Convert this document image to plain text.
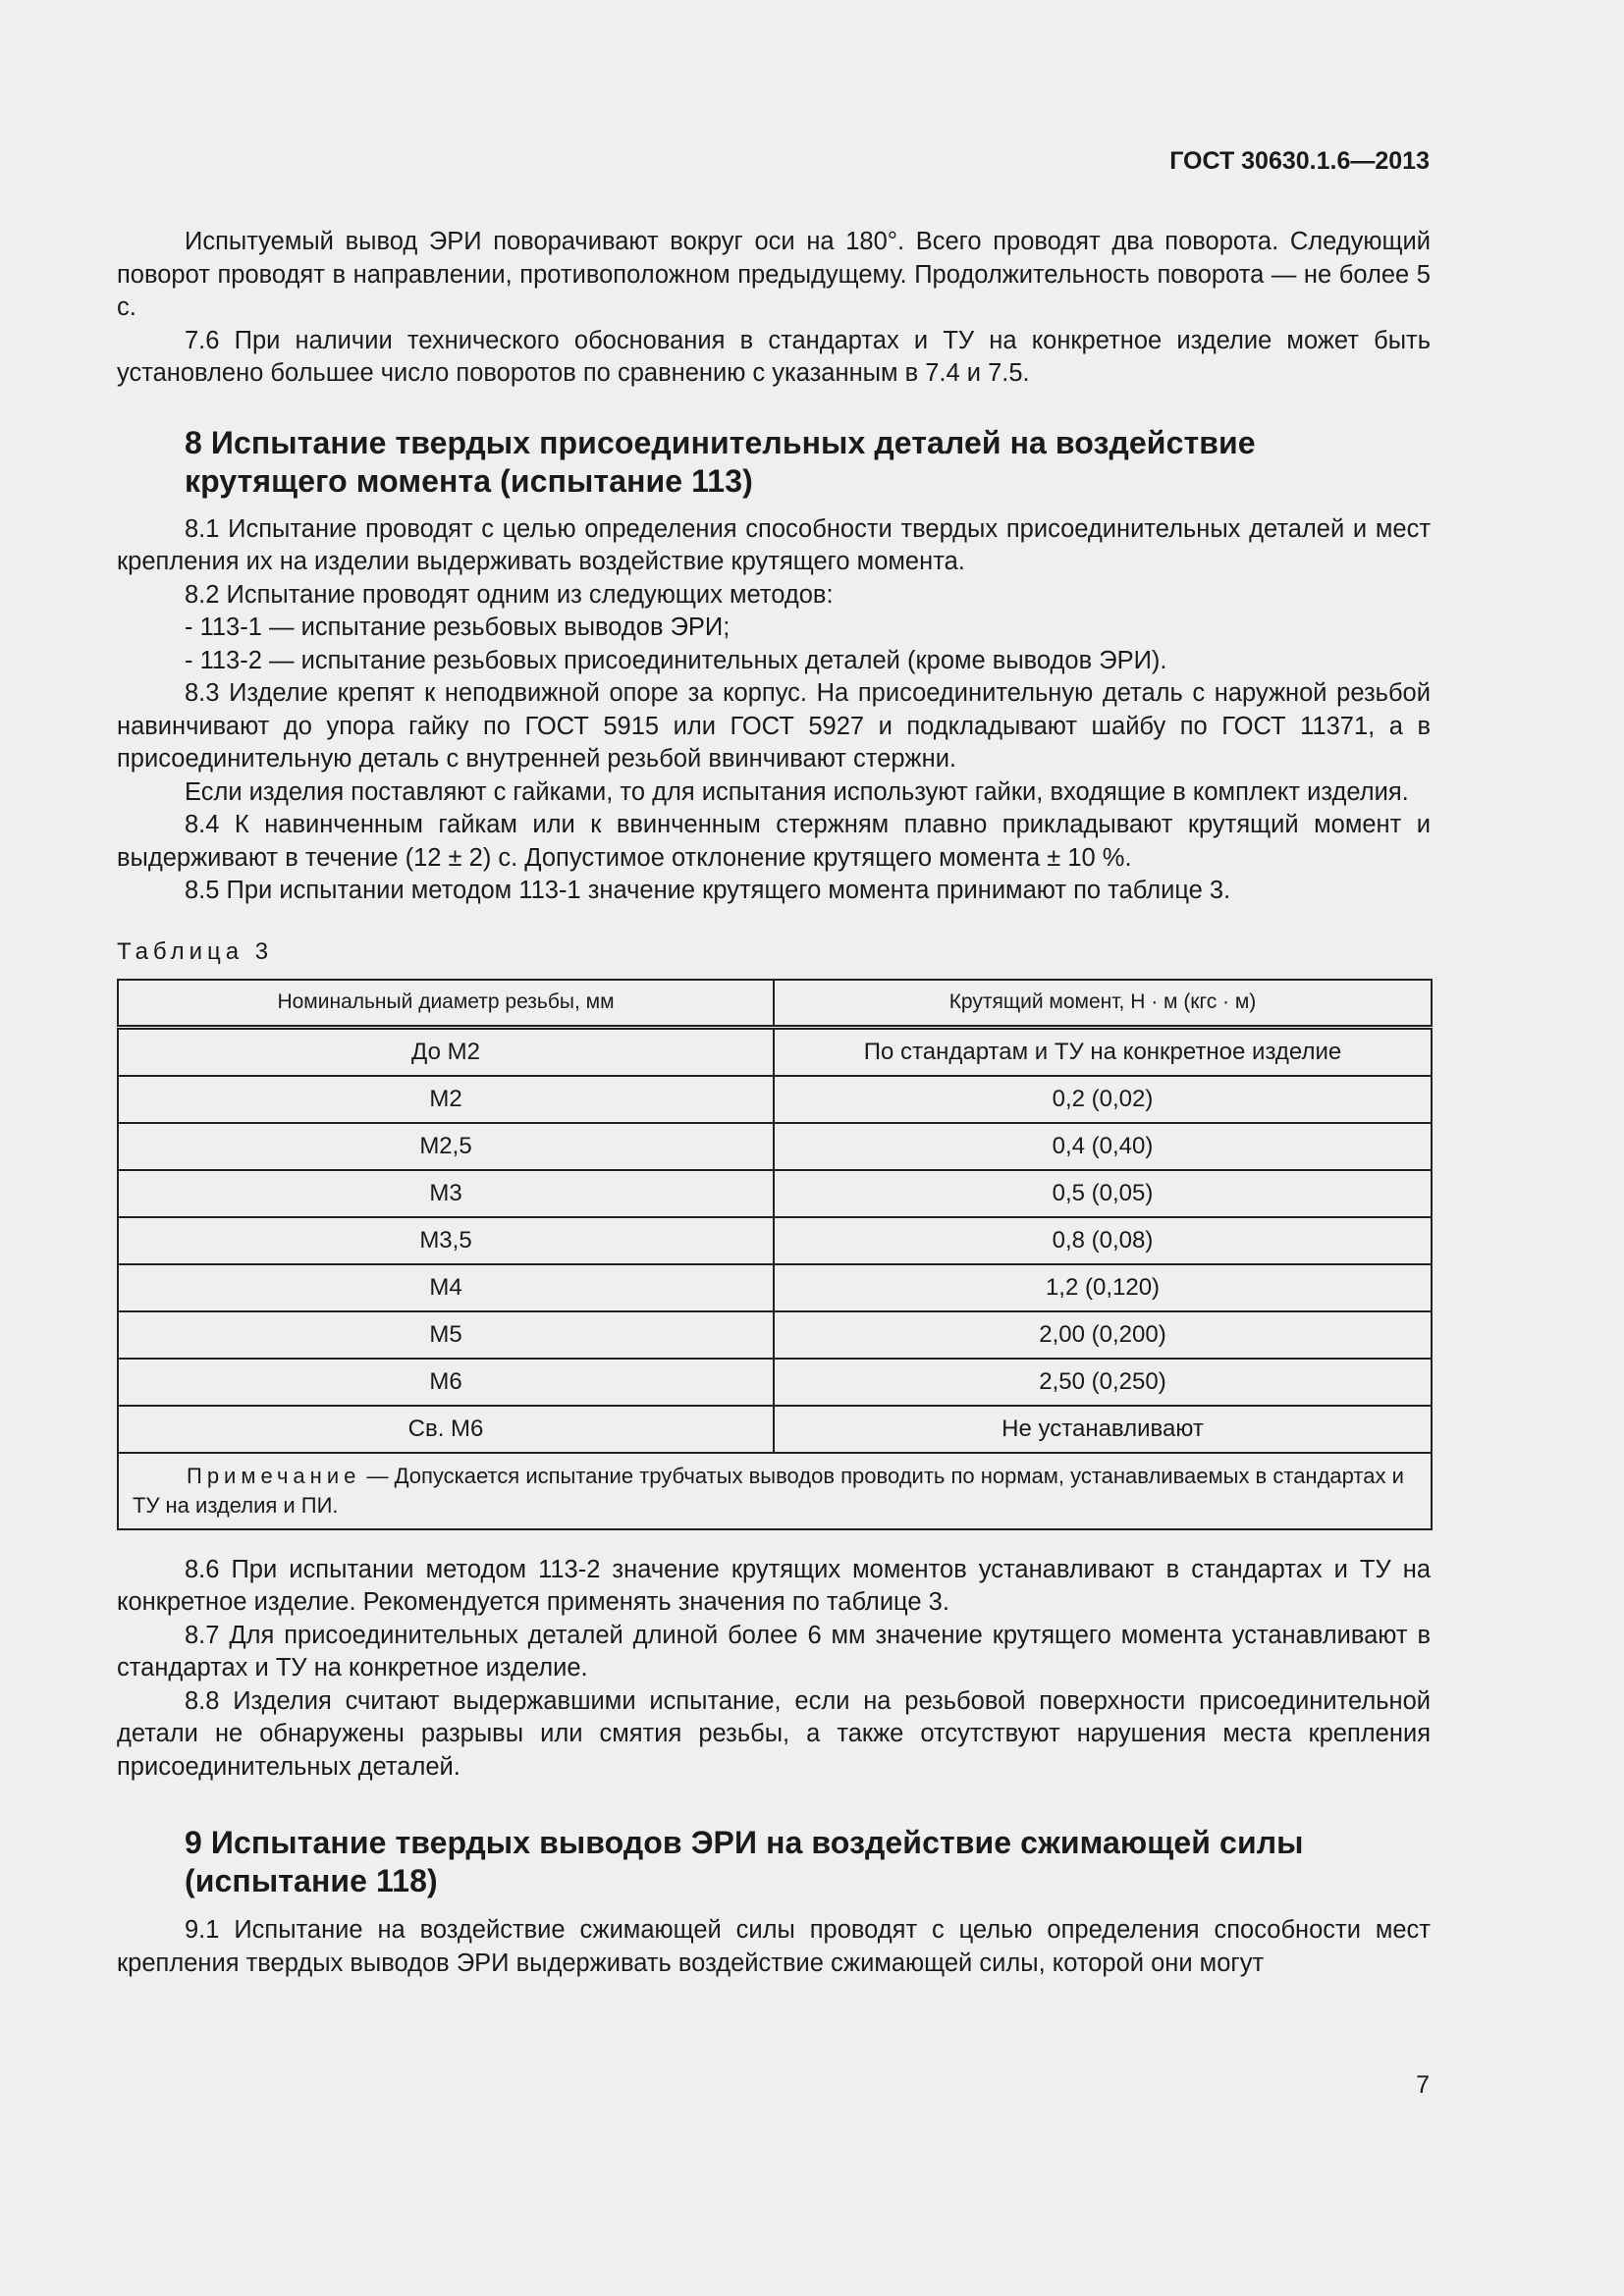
ГОСТ 30630.1.6—2013

Испытуемый вывод ЭРИ поворачивают вокруг оси на 180°. Всего проводят два поворота. Следующий поворот проводят в направлении, противоположном предыдущему. Продолжительность поворота — не более 5 с.

7.6 При наличии технического обоснования в стандартах и ТУ на конкретное изделие может быть установлено большее число поворотов по сравнению с указанным в 7.4 и 7.5.

8 Испытание твердых присоединительных деталей на воздействие крутящего момента (испытание 113)

8.1 Испытание проводят с целью определения способности твердых присоединительных деталей и мест крепления их на изделии выдерживать воздействие крутящего момента.

8.2 Испытание проводят одним из следующих методов:

- 113-1 — испытание резьбовых выводов ЭРИ;

- 113-2 — испытание резьбовых присоединительных деталей (кроме выводов ЭРИ).

8.3 Изделие крепят к неподвижной опоре за корпус. На присоединительную деталь с наружной резьбой навинчивают до упора гайку по ГОСТ 5915 или ГОСТ 5927 и подкладывают шайбу по ГОСТ 11371, а в присоединительную деталь с внутренней резьбой ввинчивают стержни.

Если изделия поставляют с гайками, то для испытания используют гайки, входящие в комплект изделия.

8.4 К навинченным гайкам или к ввинченным стержням плавно прикладывают крутящий момент и выдерживают в течение (12 ± 2) с. Допустимое отклонение крутящего момента ± 10 %.

8.5 При испытании методом 113-1 значение крутящего момента принимают по таблице 3.

Таблица 3
Номинальный диаметр резьбы, мм	Крутящий момент, Н · м (кгс · м)
До М2	По стандартам и ТУ на конкретное изделие
М2	0,2 (0,02)
М2,5	0,4 (0,40)
М3	0,5 (0,05)
М3,5	0,8 (0,08)
М4	1,2 (0,120)
М5	2,00 (0,200)
М6	2,50 (0,250)
Св. М6	Не устанавливают
Примечание — Допускается испытание трубчатых выводов проводить по нормам, устанавливаемых в стандартах и ТУ на изделия и ПИ.	

8.6 При испытании методом 113-2 значение крутящих моментов устанавливают в стандартах и ТУ на конкретное изделие. Рекомендуется применять значения по таблице 3.

8.7 Для присоединительных деталей длиной более 6 мм значение крутящего момента устанавливают в стандартах и ТУ на конкретное изделие.

8.8 Изделия считают выдержавшими испытание, если на резьбовой поверхности присоединительной детали не обнаружены разрывы или смятия резьбы, а также отсутствуют нарушения места крепления присоединительных деталей.

9 Испытание твердых выводов ЭРИ на воздействие сжимающей силы (испытание 118)

9.1 Испытание на воздействие сжимающей силы проводят с целью определения способности мест крепления твердых выводов ЭРИ выдерживать воздействие сжимающей силы, которой они могут

7
